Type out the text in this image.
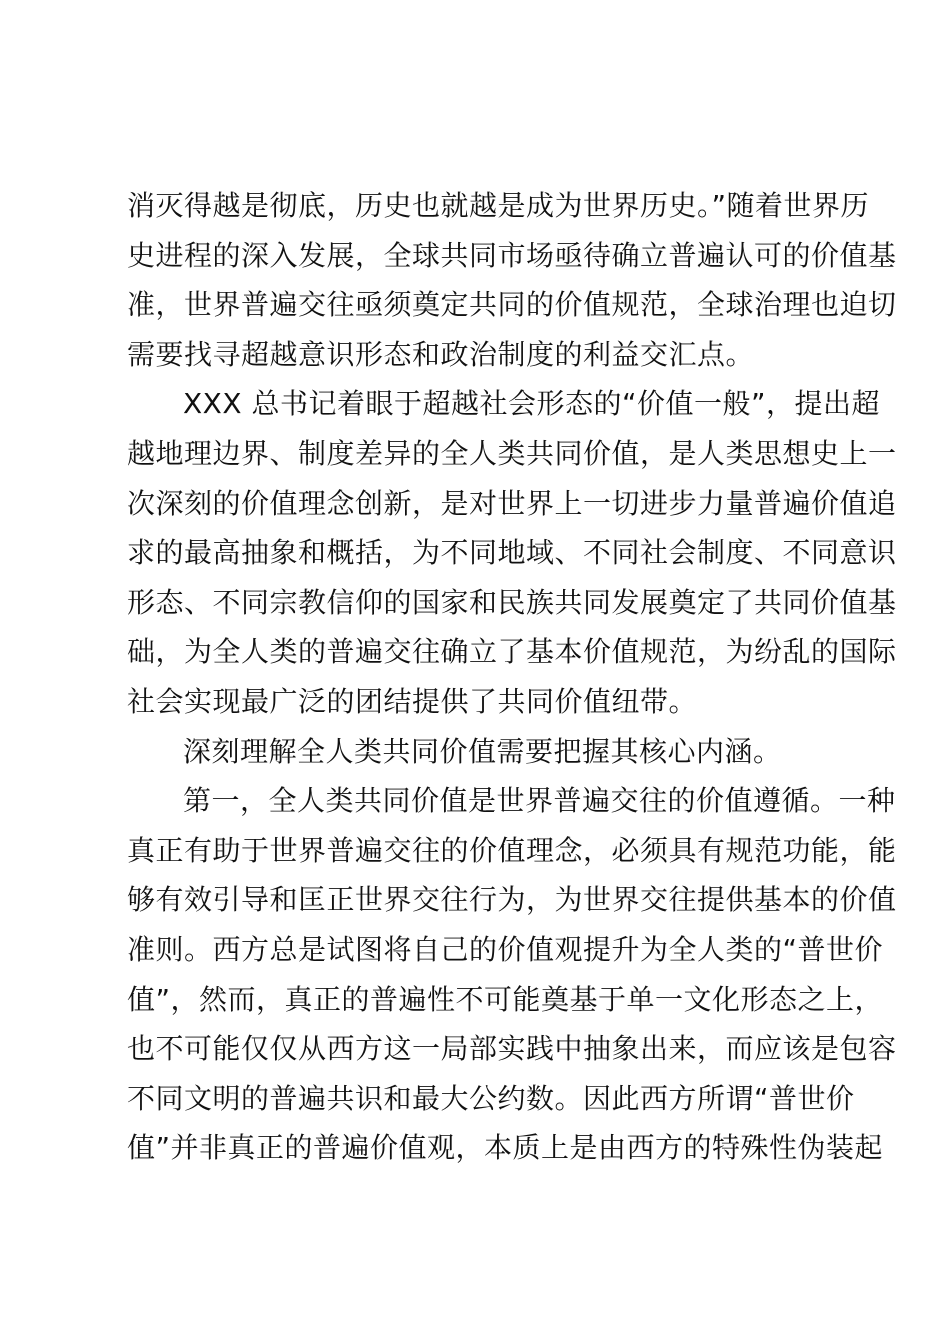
消灭得越是彻底，历史也就越是成为世界历史。”随着世界历
史进程的深入发展，全球共同市场亟待确立普遍认可的价值基
准，世界普遍交往亟须奠定共同的价值规范，全球治理也迫切
需要找寻超越意识形态和政治制度的利益交汇点。
XXX 总书记着眼于超越社会形态的“价值一般”，提出超
越地理边界、制度差异的全人类共同价值，是人类思想史上一
次深刻的价值理念创新，是对世界上一切进步力量普遍价值追
求的最高抽象和概括，为不同地域、不同社会制度、不同意识
形态、不同宗教信仰的国家和民族共同发展奠定了共同价值基
础，为全人类的普遍交往确立了基本价值规范，为纷乱的国际
社会实现最广泛的团结提供了共同价值纽带。
深刻理解全人类共同价值需要把握其核心内涵。
第一，全人类共同价值是世界普遍交往的价值遵循。一种
真正有助于世界普遍交往的价值理念，必须具有规范功能，能
够有效引导和匡正世界交往行为，为世界交往提供基本的价值
准则。西方总是试图将自己的价值观提升为全人类的“普世价
值”，然而，真正的普遍性不可能奠基于单一文化形态之上，
也不可能仅仅从西方这一局部实践中抽象出来，而应该是包容
不同文明的普遍共识和最大公约数。因此西方所谓“普世价
值”并非真正的普遍价值观，本质上是由西方的特殊性伪装起
